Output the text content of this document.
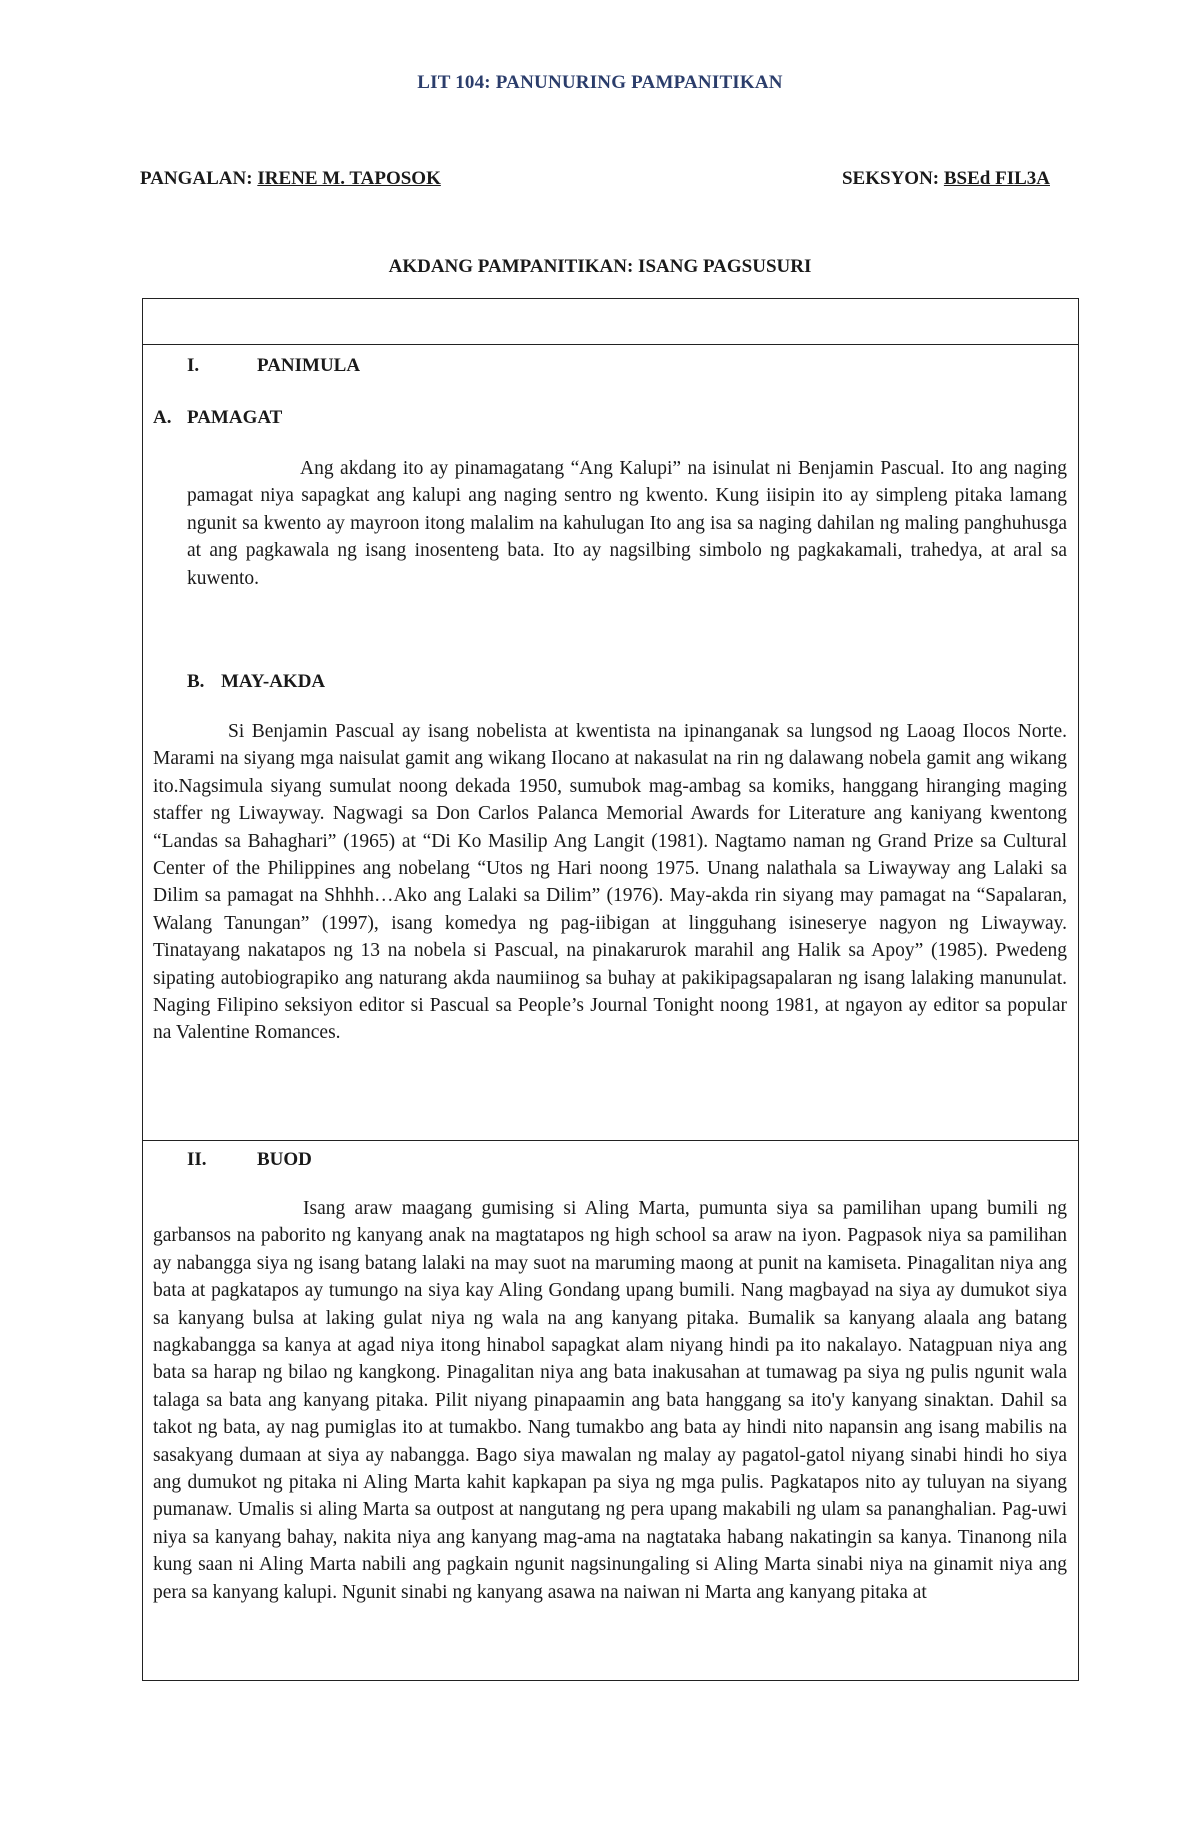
LIT 104: PANUNURING PAMPANITIKAN
PANGALAN: IRENE M. TAPOSOK	SEKSYON: BSEd FIL3A
AKDANG PAMPANITIKAN: ISANG PAGSUSURI
I.	PANIMULA
A. PAMAGAT

Ang akdang ito ay pinamagatang “Ang Kalupi” na isinulat ni Benjamin Pascual. Ito ang naging pamagat niya sapagkat ang kalupi ang naging sentro ng kwento. Kung iisipin ito ay simpleng pitaka lamang ngunit sa kwento ay mayroon itong malalim na kahulugan Ito ang isa sa naging dahilan ng maling panghuhusga at ang pagkawala ng isang inosenteng bata. Ito ay nagsilbing simbolo ng pagkakamali, trahedya, at aral sa kuwento.

B. MAY-AKDA

Si Benjamin Pascual ay isang nobelista at kwentista na ipinanganak sa lungsod ng Laoag Ilocos Norte. Marami na siyang mga naisulat gamit ang wikang Ilocano at nakasulat na rin ng dalawang nobela gamit ang wikang ito.Nagsimula siyang sumulat noong dekada 1950, sumubok mag-ambag sa komiks, hanggang hiranging maging staffer ng Liwayway. Nagwagi sa Don Carlos Palanca Memorial Awards for Literature ang kaniyang kwentong “Landas sa Bahaghari” (1965) at “Di Ko Masilip Ang Langit (1981). Nagtamo naman ng Grand Prize sa Cultural Center of the Philippines ang nobelang “Utos ng Hari noong 1975. Unang nalathala sa Liwayway ang Lalaki sa Dilim sa pamagat na Shhhh…Ako ang Lalaki sa Dilim” (1976). May-akda rin siyang may pamagat na “Sapalaran, Walang Tanungan” (1997), isang komedya ng pag-iibigan at lingguhang isineserye nagyon ng Liwayway. Tinatayang nakatapos ng 13 na nobela si Pascual, na pinakarurok marahil ang Halik sa Apoy” (1985). Pwedeng sipating autobiograpiko ang naturang akda naumiinog sa buhay at pakikipagsapalaran ng isang lalaking manunulat. Naging Filipino seksiyon editor si Pascual sa People’s Journal Tonight noong 1981, at ngayon ay editor sa popular na Valentine Romances.

II.	BUOD

Isang araw maagang gumising si Aling Marta, pumunta siya sa pamilihan upang bumili ng garbansos na paborito ng kanyang anak na magtatapos ng high school sa araw na iyon. Pagpasok niya sa pamilihan ay nabangga siya ng isang batang lalaki na may suot na maruming maong at punit na kamiseta. Pinagalitan niya ang bata at pagkatapos ay tumungo na siya kay Aling Gondang upang bumili. Nang magbayad na siya ay dumukot siya sa kanyang bulsa at laking gulat niya ng wala na ang kanyang pitaka. Bumalik sa kanyang alaala ang batang nagkabangga sa kanya at agad niya itong hinabol sapagkat alam niyang hindi pa ito nakalayo. Natagpuan niya ang bata sa harap ng bilao ng kangkong. Pinagalitan niya ang bata inakusahan at tumawag pa siya ng pulis ngunit wala talaga sa bata ang kanyang pitaka. Pilit niyang pinapaamin ang bata hanggang sa ito'y kanyang sinaktan. Dahil sa takot ng bata, ay nag pumiglas ito at tumakbo. Nang tumakbo ang bata ay hindi nito napansin ang isang mabilis na sasakyang dumaan at siya ay nabangga. Bago siya mawalan ng malay ay pagatol-gatol niyang sinabi hindi ho siya ang dumukot ng pitaka ni Aling Marta kahit kapkapan pa siya ng mga pulis. Pagkatapos nito ay tuluyan na siyang pumanaw. Umalis si aling Marta sa outpost at nangutang ng pera upang makabili ng ulam sa pananghalian. Pag-uwi niya sa kanyang bahay, nakita niya ang kanyang mag-ama na nagtataka habang nakatingin sa kanya. Tinanong nila kung saan ni Aling Marta nabili ang pagkain ngunit nagsinungaling si Aling Marta sinabi niya na ginamit niya ang pera sa kanyang kalupi. Ngunit sinabi ng kanyang asawa na naiwan ni Marta ang kanyang pitaka at
